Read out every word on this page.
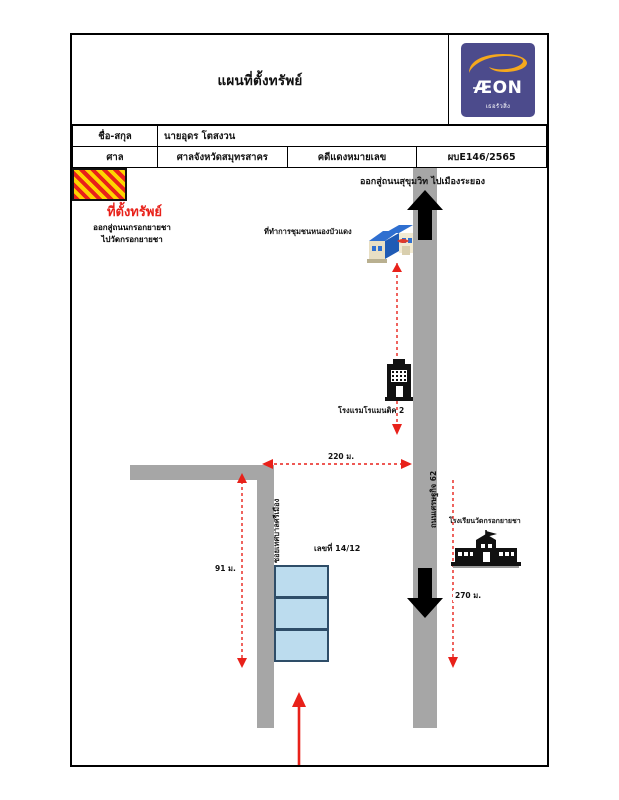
แผนที่ตั้งทรัพย์	ÆON
เธอรัวสิ่ง
ชื่อ-สกุล	นายอุดร โตสงวน		
ศาล	ศาลจังหวัดสมุทรสาคร	คดีแดงหมายเลข	ผบE146/2565
ถนนเศรษฐกิจ 62
ซอยเทศบาลศรีเมือง
ออกสู่ถนนสุขุมวิท ไปเมืองระยอง
ที่ทำการชุมชนหนองบัวแดง
220 ม.
91 ม.
270 ม.
โรงแรมโรแมนติค 2
โรงเรียนวัดกรอกยายชา
เลขที่ 14/12
ที่ตั้งทรัพย์
ออกสู่ถนนกรอกยายชา
ไปวัดกรอกยายชา
